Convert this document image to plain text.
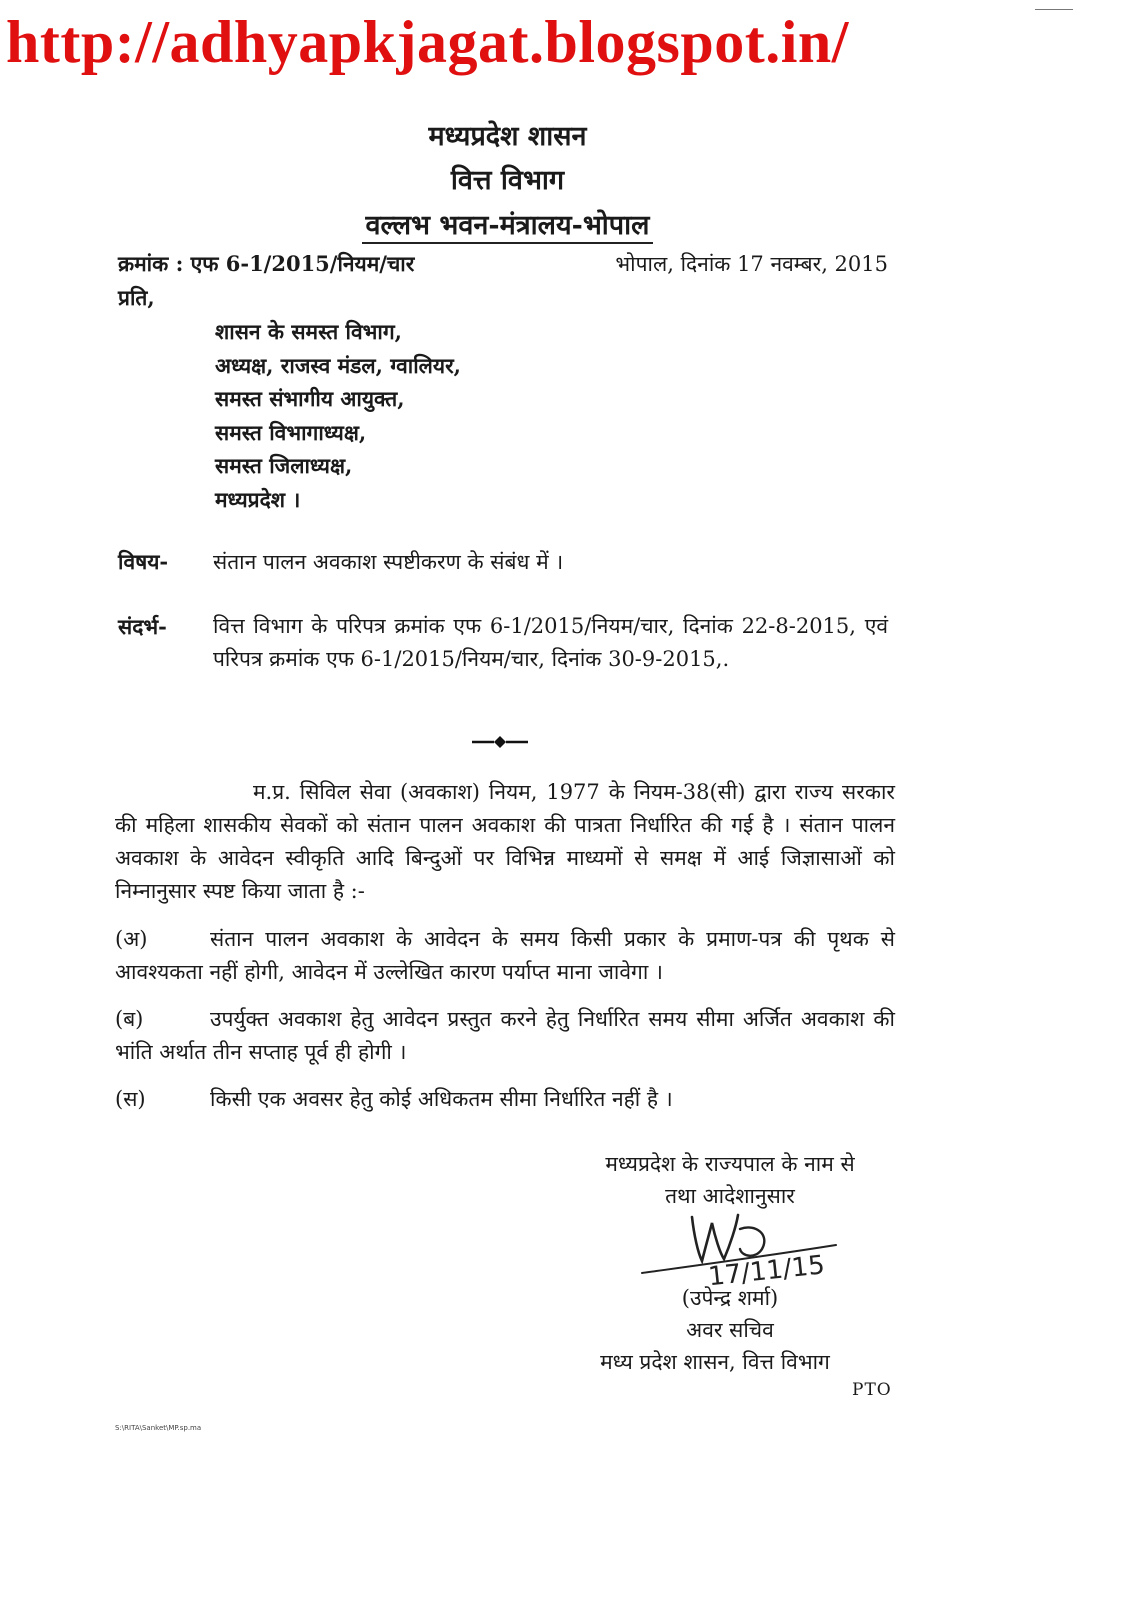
http://adhyapkjagat.blogspot.in/
मध्यप्रदेश शासन
वित्त विभाग
वल्लभ भवन-मंत्रालय-भोपाल
क्रमांक : एफ 6-1/2015/नियम/चार	भोपाल, दिनांक 17 नवम्बर, 2015
प्रति,
शासन के समस्त विभाग,
अध्यक्ष, राजस्व मंडल, ग्वालियर,
समस्त संभागीय आयुक्त,
समस्त विभागाध्यक्ष,
समस्त जिलाध्यक्ष,
मध्यप्रदेश ।
विषय- संतान पालन अवकाश स्पष्टीकरण के संबंध में ।
संदर्भ- वित्त विभाग के परिपत्र क्रमांक एफ 6-1/2015/नियम/चार, दिनांक 22-8-2015, एवं परिपत्र क्रमांक एफ 6-1/2015/नियम/चार, दिनांक 30-9-2015,.
म.प्र. सिविल सेवा (अवकाश) नियम, 1977 के नियम-38(सी) द्वारा राज्य सरकार की महिला शासकीय सेवकों को संतान पालन अवकाश की पात्रता निर्धारित की गई है । संतान पालन अवकाश के आवेदन स्वीकृति आदि बिन्दुओं पर विभिन्न माध्यमों से समक्ष में आई जिज्ञासाओं को निम्नानुसार स्पष्ट किया जाता है :-
(अ)	संतान पालन अवकाश के आवेदन के समय किसी प्रकार के प्रमाण-पत्र की पृथक से आवश्यकता नहीं होगी, आवेदन में उल्लेखित कारण पर्याप्त माना जावेगा ।
(ब)	उपर्युक्त अवकाश हेतु आवेदन प्रस्तुत करने हेतु निर्धारित समय सीमा अर्जित अवकाश की भांति अर्थात तीन सप्ताह पूर्व ही होगी ।
(स)	किसी एक अवसर हेतु कोई अधिकतम सीमा निर्धारित नहीं है ।
मध्यप्रदेश के राज्यपाल के नाम से
तथा आदेशानुसार
17/11/15
(उपेन्द्र शर्मा)
अवर सचिव
मध्य प्रदेश शासन, वित्त विभाग
PTO
S:\RITA\Sanket\MP.sp.ma
